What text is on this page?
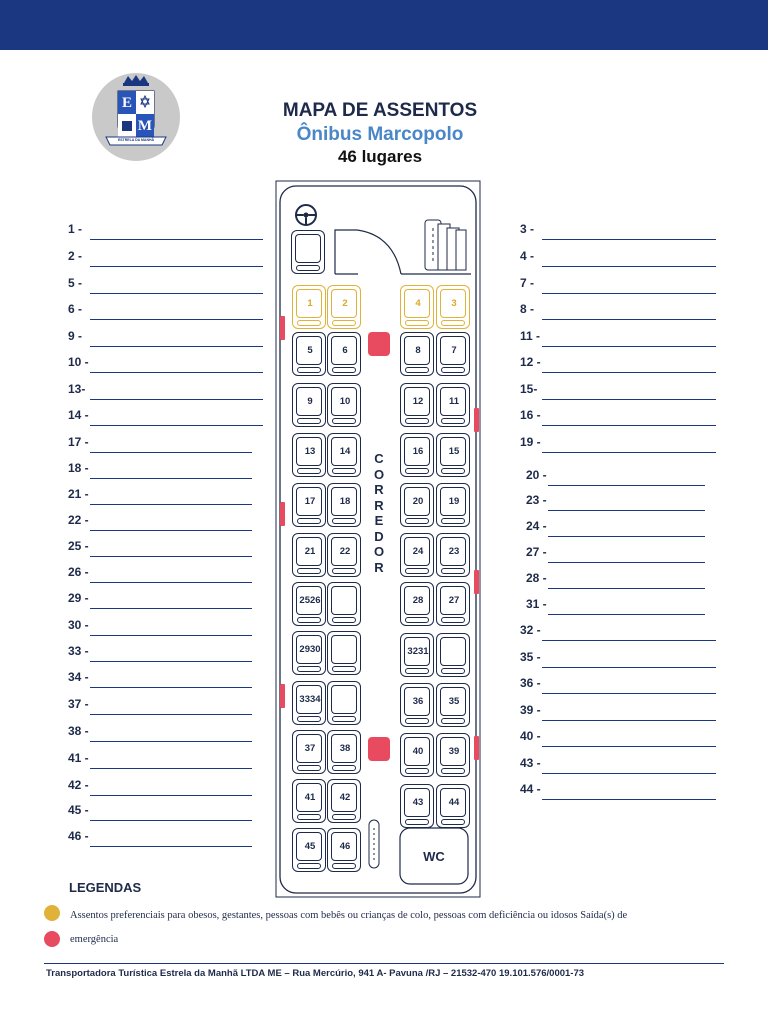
E
M
ESTRELA DA MANHÃ
MAPA DE ASSENTOS
Ônibus Marcopolo
46 lugares
1 -
2 -
5 -
6 -
9 -
10 -
13-
14 -
17 -
18 -
21 -
22 -
25 -
26 -
29 -
30 -
33 -
34 -
37 -
38 -
41 -
42 -
45 -
46 -
3 -
4 -
7 -
8 -
11 -
12 -
15-
16 -
19 -
20 -
23 -
24 -
27 -
28 -
31 -
32 -
35 -
36 -
39 -
40 -
43 -
44 -
1	2	4	3
5	6
9	10
13	14
17	18
21	22
2526
2930
3334
37	38
41	42
45	46
8	7
12	11
16	15
20	19
24	23
28	27
3231
36	35
40	39
43	44
C
O
R
R
E
D
O
R
WC
LEGENDAS
Assentos preferenciais para obesos, gestantes, pessoas com bebês ou crianças de colo, pessoas com deficiência ou idosos Saída(s) de
emergência
Transportadora Turística Estrela da Manhã LTDA ME – Rua Mercúrio, 941 A- Pavuna /RJ – 21532-470 19.101.576/0001-73
